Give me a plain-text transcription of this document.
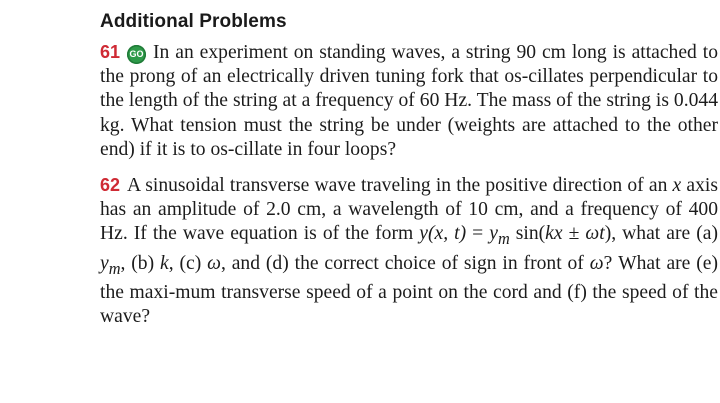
Additional Problems

61 GO In an experiment on standing waves, a string 90 cm long is attached to the prong of an electrically driven tuning fork that os-cillates perpendicular to the length of the string at a frequency of 60 Hz. The mass of the string is 0.044 kg. What tension must the string be under (weights are attached to the other end) if it is to os-cillate in four loops?

62 A sinusoidal transverse wave traveling in the positive direction of an x axis has an amplitude of 2.0 cm, a wavelength of 10 cm, and a frequency of 400 Hz. If the wave equation is of the form y(x, $t) = y_m$ sin(kx ± ωt), what are (a) $y_m$, (b) k, (c) ω, and (d) the correct choice of sign in front of ω? What are (e) the maxi-mum transverse speed of a point on the cord and (f) the speed of the wave?
